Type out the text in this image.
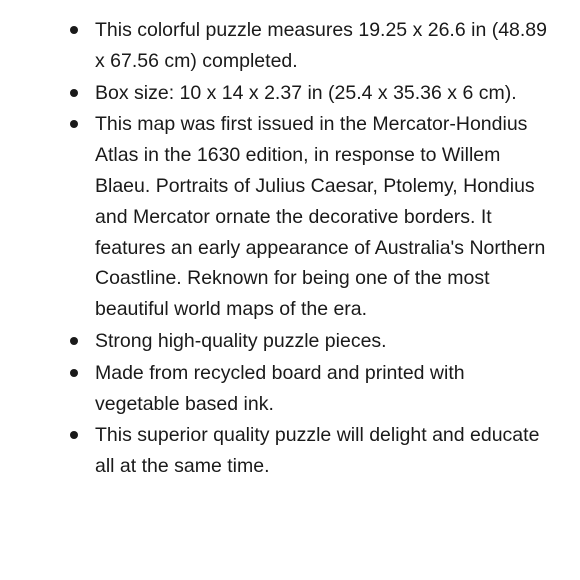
This colorful puzzle measures 19.25 x 26.6 in (48.89 x 67.56 cm) completed.
Box size: 10 x 14 x 2.37 in (25.4 x 35.36 x 6 cm).
This map was first issued in the Mercator-Hondius Atlas in the 1630 edition, in response to Willem Blaeu. Portraits of Julius Caesar, Ptolemy, Hondius and Mercator ornate the decorative borders. It features an early appearance of Australia's Northern Coastline. Reknown for being one of the most beautiful world maps of the era.
Strong high-quality puzzle pieces.
Made from recycled board and printed with vegetable based ink.
This superior quality puzzle will delight and educate all at the same time.
